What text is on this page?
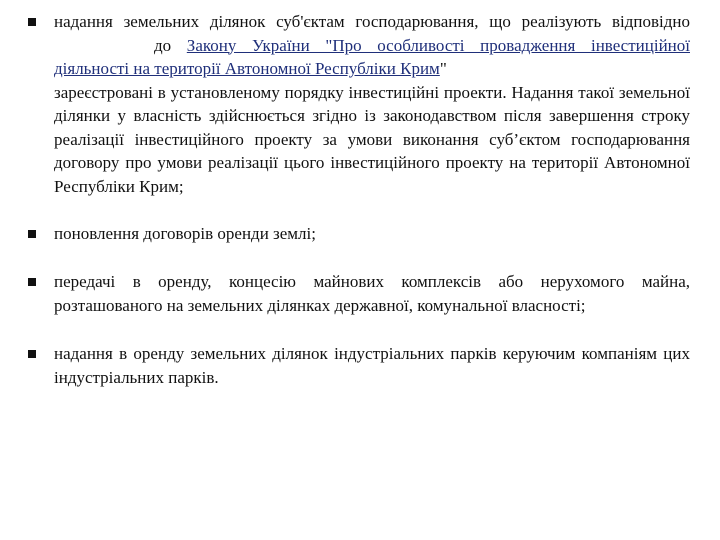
надання земельних ділянок суб'єктам господарювання, що реалізують відповіднодо Закону України "Про особливості провадження інвестиційної діяльності на території Автономної Республіки Крим"
зареєстровані в установленому порядку інвестиційні проекти. Надання такої земельної ділянки у власність здійснюється згідно із законодавством після завершення строку реалізації інвестиційного проекту за умови виконання суб’єктом господарювання договору про умови реалізації цього інвестиційного проекту на території Автономної Республіки Крим;
поновлення договорів оренди землі;
передачі в оренду, концесію майнових комплексів або нерухомого майна, розташованого на земельних ділянках державної, комунальної власності;
надання в оренду земельних ділянок індустріальних парків керуючим компаніям цих індустріальних парків.
